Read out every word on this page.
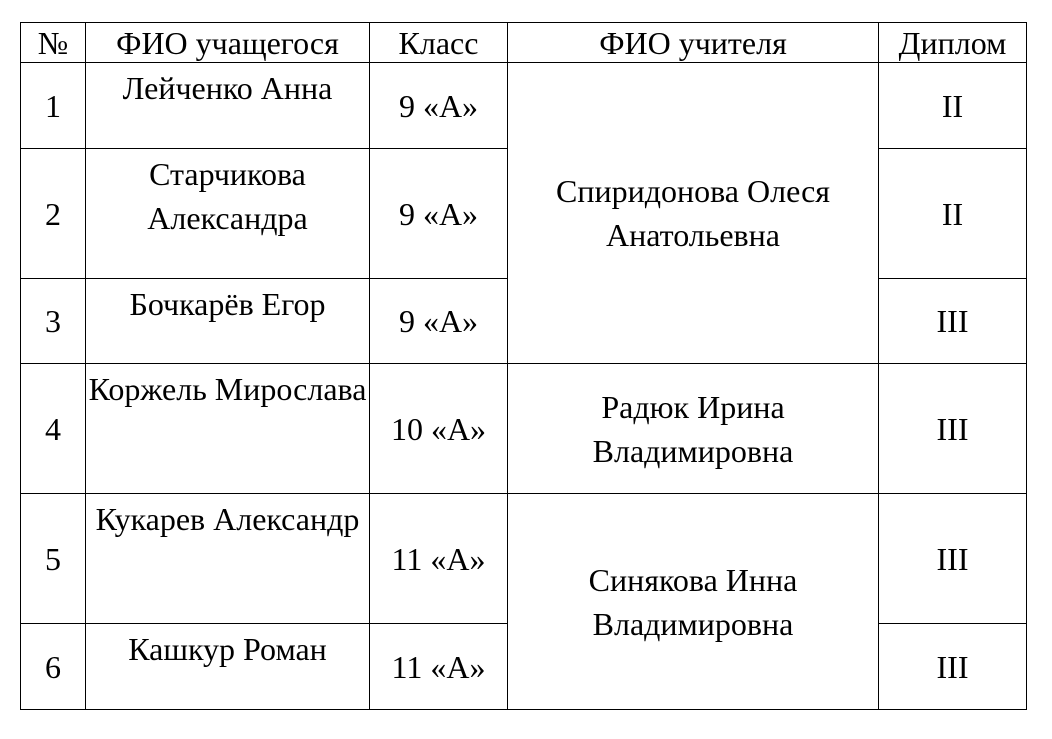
№	ФИО учащегося	Класс	ФИО учителя	Диплом
1	Лейченко Анна	9 «А»	Спиридонова Олеся Анатольевна	II
2	Старчикова Александра	9 «А»		II
3	Бочкарёв Егор	9 «А»		III
4	Коржель Мирослава	10 «А»	Радюк Ирина Владимировна	III
5	Кукарев Александр	11 «А»	Синякова Инна Владимировна	III
6	Кашкур Роман	11 «А»		III
